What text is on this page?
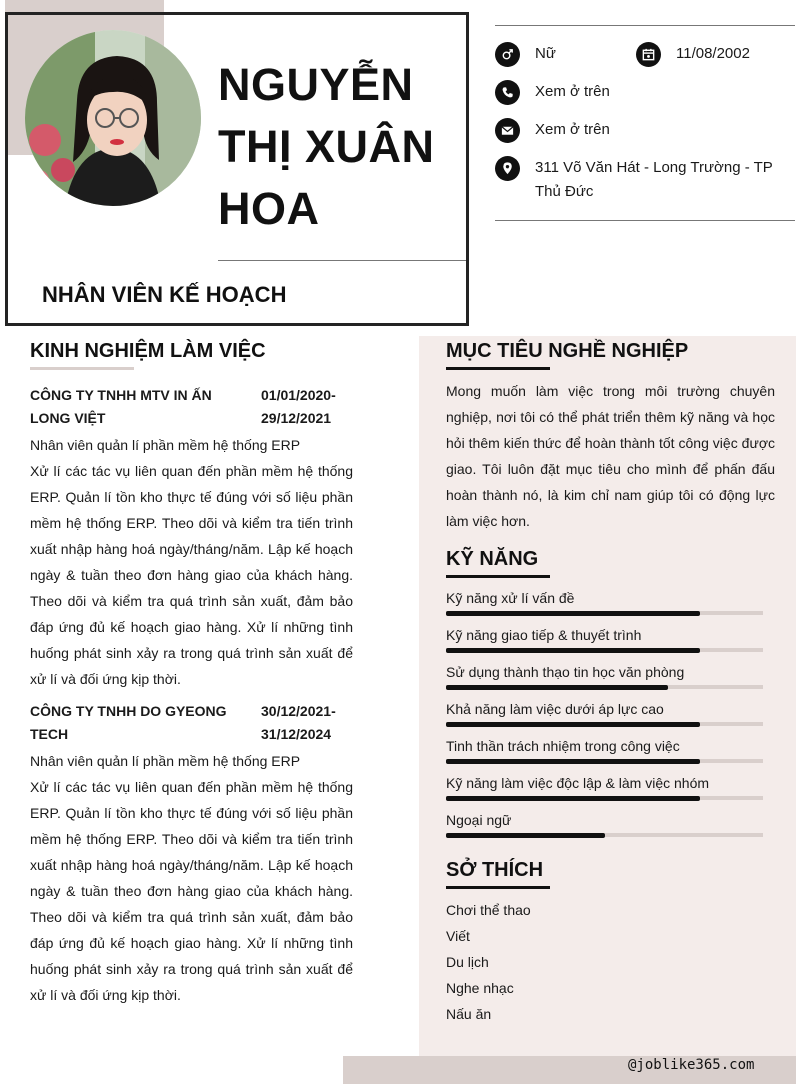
NGUYỄN THỊ XUÂN HOA
NHÂN VIÊN KẾ HOẠCH
Nữ	11/08/2002
Xem ở trên
Xem ở trên
311 Võ Văn Hát - Long Trường - TP Thủ Đức
KINH NGHIỆM LÀM VIỆC
CÔNG TY TNHH MTV IN ẤN LONG VIỆT
01/01/2020-29/12/2021
Nhân viên quản lí phần mềm hệ thống ERP
Xử lí các tác vụ liên quan đến phần mềm hệ thống ERP. Quản lí tồn kho thực tế đúng với số liệu phần mềm hệ thống ERP. Theo dõi và kiểm tra tiến trình xuất nhập hàng hoá ngày/tháng/năm. Lập kế hoạch ngày & tuần theo đơn hàng giao của khách hàng. Theo dõi và kiểm tra quá trình sản xuất, đảm bảo đáp ứng đủ kế hoạch giao hàng. Xử lí những tình huống phát sinh xảy ra trong quá trình sản xuất để xử lí và đối ứng kịp thời.
CÔNG TY TNHH DO GYEONG TECH
30/12/2021-31/12/2024
Nhân viên quản lí phần mềm hệ thống ERP
Xử lí các tác vụ liên quan đến phần mềm hệ thống ERP. Quản lí tồn kho thực tế đúng với số liệu phần mềm hệ thống ERP. Theo dõi và kiểm tra tiến trình xuất nhập hàng hoá ngày/tháng/năm. Lập kế hoạch ngày & tuần theo đơn hàng giao của khách hàng. Theo dõi và kiểm tra quá trình sản xuất, đảm bảo đáp ứng đủ kế hoạch giao hàng. Xử lí những tình huống phát sinh xảy ra trong quá trình sản xuất để xử lí và đối ứng kịp thời.
MỤC TIÊU NGHỀ NGHIỆP
Mong muốn làm việc trong môi trường chuyên nghiệp, nơi tôi có thể phát triển thêm kỹ năng và học hỏi thêm kiến thức để hoàn thành tốt công việc được giao. Tôi luôn đặt mục tiêu cho mình để phấn đấu hoàn thành nó, là kim chỉ nam giúp tôi có động lực làm việc hơn.
KỸ NĂNG
Kỹ năng xử lí vấn đề
Kỹ năng giao tiếp & thuyết trình
Sử dụng thành thạo tin học văn phòng
Khả năng làm việc dưới áp lực cao
Tinh thần trách nhiệm trong công việc
Kỹ năng làm việc độc lập & làm việc nhóm
Ngoại ngữ
SỞ THÍCH
Chơi thể thao
Viết
Du lịch
Nghe nhạc
Nấu ăn
@joblike365.com
